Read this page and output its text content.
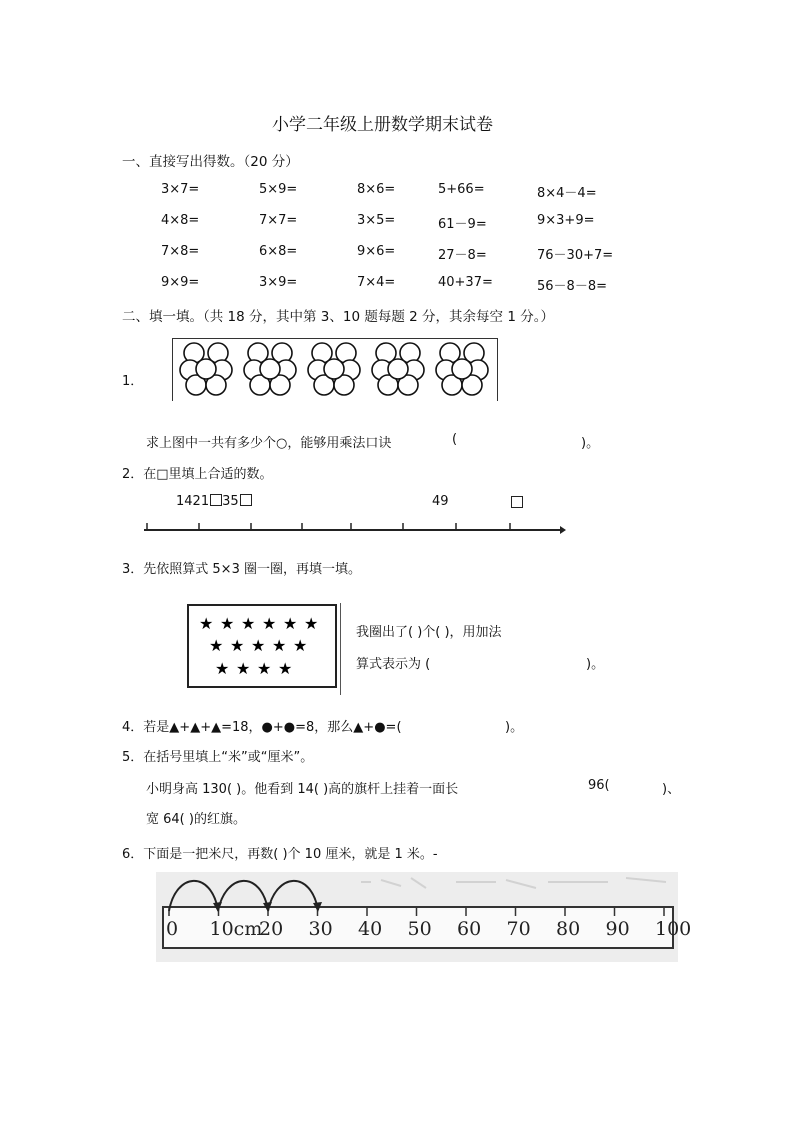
小学二年级上册数学期末试卷
一、直接写出得数。（20 分）
3×7=	5×9=	8×6=	5+66=	8×4－4=
4×8=	7×7=	3×5=	61－9=	9×3+9=
7×8=	6×8=	9×6=	27－8=	76－30+7=
9×9=	3×9=	7×4=	40+37=	56－8－8=
二、填一填。（共 18 分，其中第 3、10 题每题 2 分，其余每空 1 分。）
1．
求上图中一共有多少个○，能够用乘法口诀	(	)。
2．在□里填上合适的数。
1421 35	49
3．先依照算式 5×3 圈一圈，再填一填。
★ ★ ★ ★ ★ ★
★ ★ ★ ★ ★
★ ★ ★ ★
我圈出了( )个( )，用加法
算式表示为 (	)。
4．若是▲+▲+▲=18，●+●=8，那么▲+●=(	)。
5．在括号里填上“米”或“厘米”。
小明身高 130( )。他看到 14( )高的旗杆上挂着一面长	96(	)、
宽 64( )的红旗。
6．下面是一把米尺，再数( )个 10 厘米，就是 1 米。-
0 10cm
20 30 40 50 60 70 80 90 100
